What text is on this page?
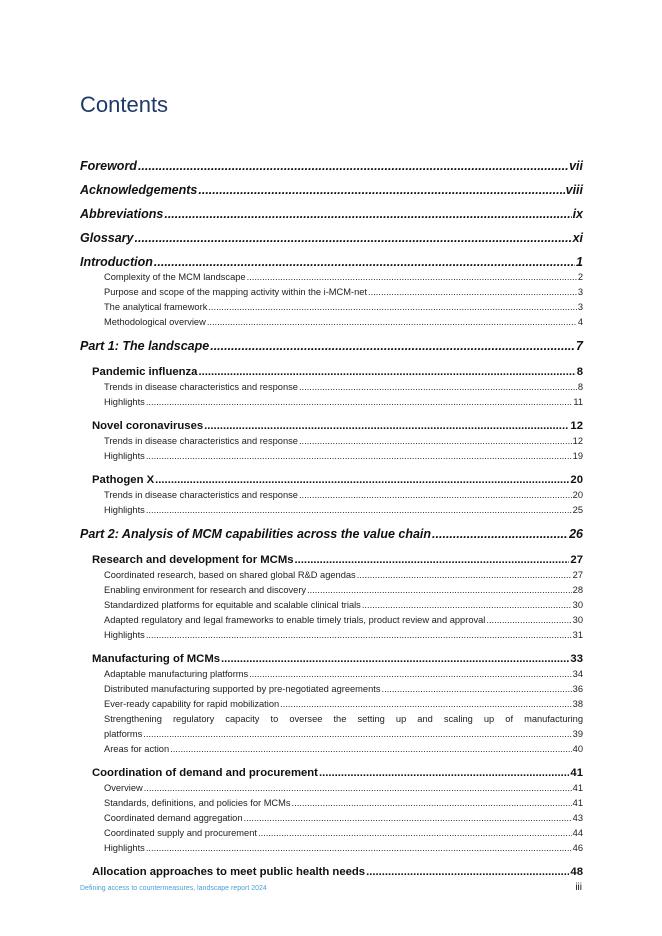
Contents
Foreword .....	vii
Acknowledgements .....	viii
Abbreviations .....	ix
Glossary .....	xi
Introduction .....	1
Complexity of the MCM landscape .....	2
Purpose and scope of the mapping activity within the i-MCM-net .....	3
The analytical framework .....	3
Methodological overview .....	4
Part 1: The landscape .....	7
Pandemic influenza .....	8
Trends in disease characteristics and response .....	8
Highlights .....	11
Novel coronaviruses .....	12
Trends in disease characteristics and response .....	12
Highlights .....	19
Pathogen X .....	20
Trends in disease characteristics and response .....	20
Highlights .....	25
Part 2: Analysis of MCM capabilities across the value chain .....	26
Research and development for MCMs .....	27
Coordinated research, based on shared global R&D agendas .....	27
Enabling environment for research and discovery .....	28
Standardized platforms for equitable and scalable clinical trials .....	30
Adapted regulatory and legal frameworks to enable timely trials, product review and approval .....	30
Highlights .....	31
Manufacturing of MCMs .....	33
Adaptable manufacturing platforms .....	34
Distributed manufacturing supported by pre-negotiated agreements .....	36
Ever-ready capability for rapid mobilization .....	38
Strengthening regulatory capacity to oversee the setting up and scaling up of manufacturing
platforms .....	39
Areas for action .....	40
Coordination of demand and procurement .....	41
Overview .....	41
Standards, definitions, and policies for MCMs .....	41
Coordinated demand aggregation .....	43
Coordinated supply and procurement .....	44
Highlights .....	46
Allocation approaches to meet public health needs .....	48
Defining access to countermeasures, landscape report 2024	iii
